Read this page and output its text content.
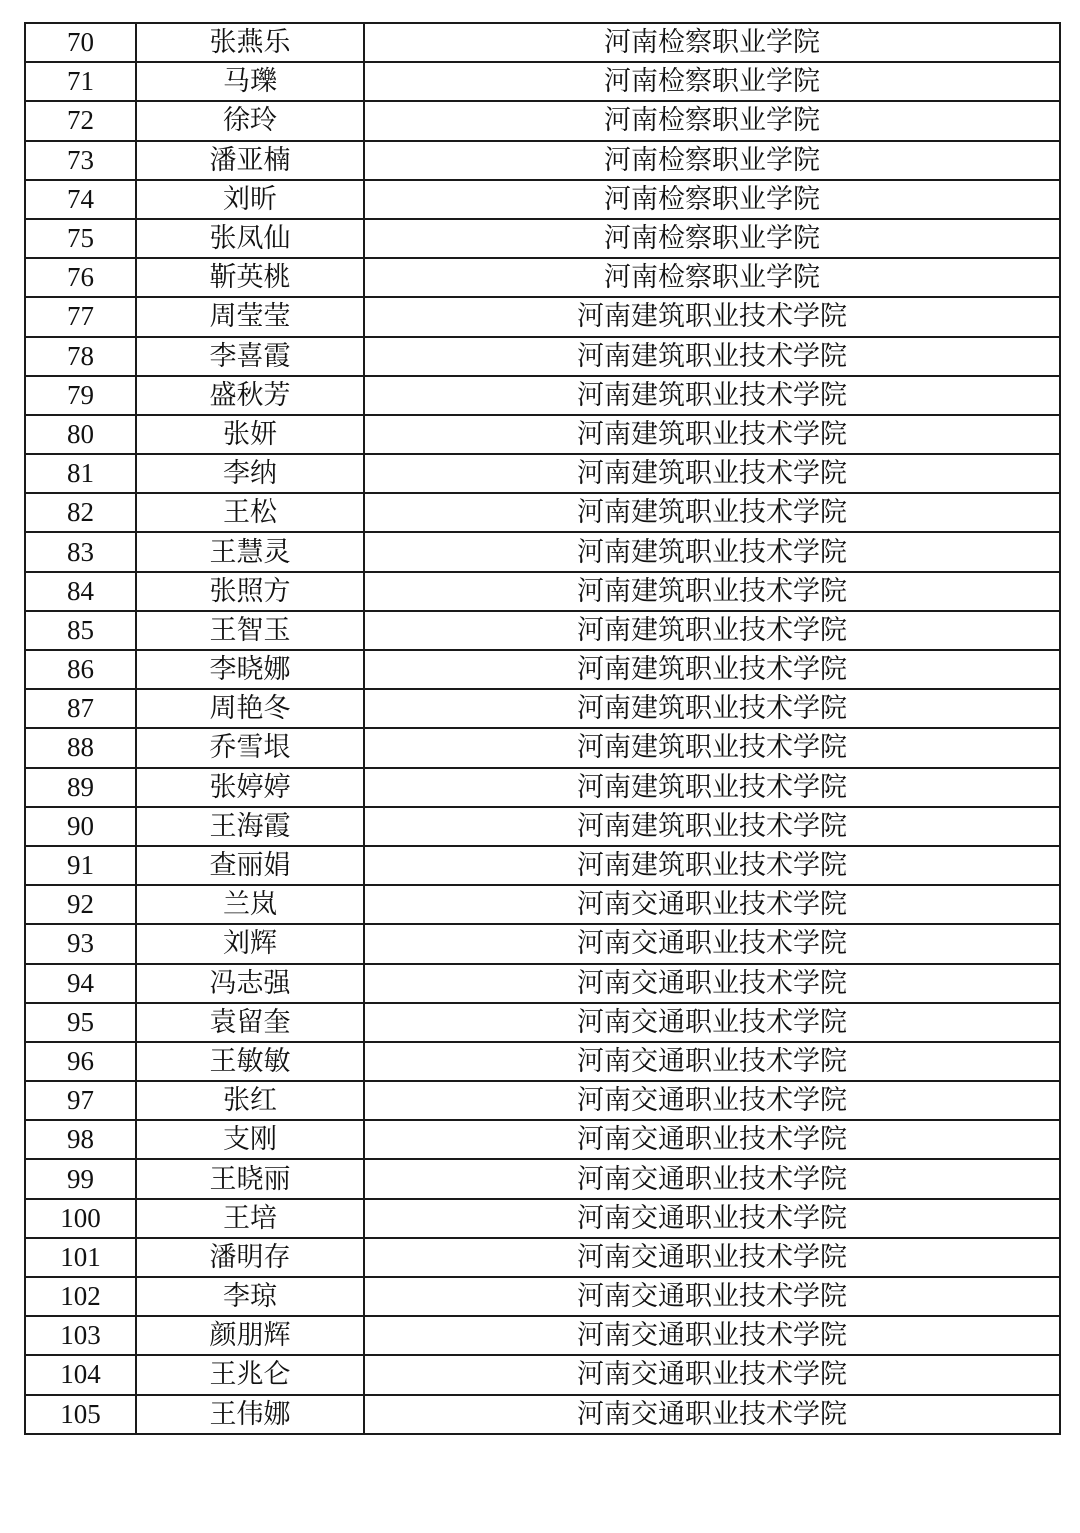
70	张燕乐	河南检察职业学院
71	马瓅	河南检察职业学院
72	徐玲	河南检察职业学院
73	潘亚楠	河南检察职业学院
74	刘昕	河南检察职业学院
75	张凤仙	河南检察职业学院
76	靳英桃	河南检察职业学院
77	周莹莹	河南建筑职业技术学院
78	李喜霞	河南建筑职业技术学院
79	盛秋芳	河南建筑职业技术学院
80	张妍	河南建筑职业技术学院
81	李纳	河南建筑职业技术学院
82	王松	河南建筑职业技术学院
83	王慧灵	河南建筑职业技术学院
84	张照方	河南建筑职业技术学院
85	王智玉	河南建筑职业技术学院
86	李晓娜	河南建筑职业技术学院
87	周艳冬	河南建筑职业技术学院
88	乔雪垠	河南建筑职业技术学院
89	张婷婷	河南建筑职业技术学院
90	王海霞	河南建筑职业技术学院
91	查丽娟	河南建筑职业技术学院
92	兰岚	河南交通职业技术学院
93	刘辉	河南交通职业技术学院
94	冯志强	河南交通职业技术学院
95	袁留奎	河南交通职业技术学院
96	王敏敏	河南交通职业技术学院
97	张红	河南交通职业技术学院
98	支刚	河南交通职业技术学院
99	王晓丽	河南交通职业技术学院
100	王培	河南交通职业技术学院
101	潘明存	河南交通职业技术学院
102	李琼	河南交通职业技术学院
103	颜朋辉	河南交通职业技术学院
104	王兆仑	河南交通职业技术学院
105	王伟娜	河南交通职业技术学院
